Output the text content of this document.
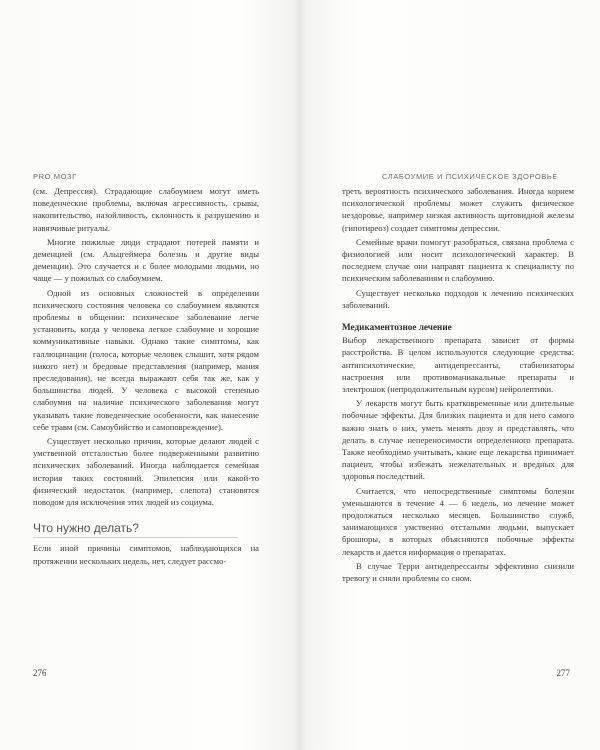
PRO МОЗГ

(см. Депрессия). Страдающие слабоумием могут иметь поведенческие проблемы, включая агрессивность, срывы, накопительство, назойливость, склонность к разрушению и навязчивые ритуалы.

Многие пожилые люди страдают потерей памяти и деменцией (см. Альцгеймера болезнь и другие виды деменции). Это случается и с более молодыми людьми, но чаще — у пожилых со слабоумием.

Одной из основных сложностей в определении психического состояния человека со слабоумием являются проблемы в общении: психическое заболевание легче установить, когда у человека легкое слабоумие и хорошие коммуникативные навыки. Однако такие симптомы, как галлюцинации (голоса, которые человек слышит, хотя рядом никого нет) и бредовые представления (например, мания преследования), не всегда выражают себя так же, как у большинства людей. У человека с высокой степенью слабоумия на наличие психического заболевания могут указывать такие поведенческие особенности, как нанесение себе травм (см. Самоубийство и самоповреждение).

Существует несколько причин, которые делают людей с умственной отсталостью более подверженными развитию психических заболеваний. Иногда наблюдается семейная история таких состояний. Эпилепсия или какой-то физический недостаток (например, слепота) становятся поводом для исключения этих людей из социума.

Что нужно делать?

Если иной причины симптомов, наблюдающихся на протяжении нескольких недель, нет, следует рассмо-

276
СЛАБОУМИЕ И ПСИХИЧЕСКОЕ ЗДОРОВЬЕ

треть вероятность психического заболевания. Иногда корнем психологической проблемы может служить физическое нездоровье, например низкая активность щитовидной железы (гипотиреоз) создает симптомы депрессии.

Семейные врачи помогут разобраться, связана проблема с физиологией или носит психологический характер. В последнем случае они направят пациента к специалисту по психическим заболеваниям и слабоумию.

Существует несколько подходов к лечению психических заболеваний.

Медикаментозное лечение

Выбор лекарственного препарата зависит от формы расстройства. В целом используются следующие средства: антипсихотические, антидепрессанты, стабилизаторы настроения или противоманиакальные препараты и электрошок (непродолжительным курсом) нейролептики.

У лекарств могут быть кратковременные или длительные побочные эффекты. Для близких пациента и для него самого важно знать о них, уметь менять дозу и представлять, что делать в случае непереносимости определенного препарата. Также необходимо учитывать, какие еще лекарства принимает пациент, чтобы избежать нежелательных и вредных для здоровья последствий.

Считается, что непосредственные симптомы болезни уменьшаются в течение 4 — 6 недель, но лечение может продолжаться несколько месяцев. Большинство служб, занимающихся умственно отсталыми людьми, выпускает брошюры, в которых объясняются побочные эффекты лекарств и дается информация о препаратах.

В случае Терри антидепрессанты эффективно снизили тревогу и сняли проблемы со сном.

277
